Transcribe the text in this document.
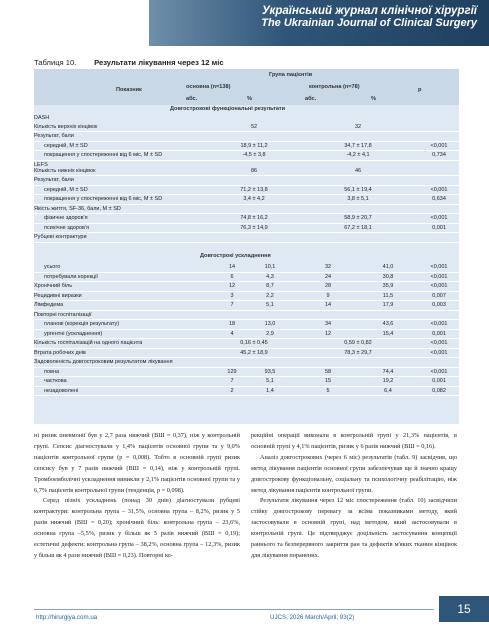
Український журнал клінічної хірургії
The Ukrainian Journal of Clinical Surgery
Таблиця 10. Результати лікування через 12 міс
Показник
Група пацієнтів
основна (n=138)	контрольна (n=78)	p
абс.	%	абс.	%
Довгострокові функціональні результати
Довгострокі ускладнення
DASH
Кількість верхніх кінцівок	52	32
Результат, бали
середній, M ± SD	18,9 ± 11,2	34,7 ± 17,8	<0,001
покращення у спостереженні від 6 міс, M ± SD	-4,5 ± 3,8	-4,2 ± 4,1	0,734
LEFS
Кількість нижніх кінцівок	86	46
Результат, бали
середній, M ± SD	71,2 ± 13,8	56,1 ± 19,4	<0,001
покращення у спостереженні від 6 міс, M ± SD	3,4 ± 4,2	3,8 ± 5,1	0,634
Якість життя, SF-36, бали, M ± SD
фізичне здоров'я	74,8 ± 16,2	58,9 ± 20,7	<0,001
психічне здоров'я	76,3 ± 14,9	67,2 ± 18,1	0,001
Рубцеві контрактури
усього	14	10,1	32	41,0	<0,001
потребували корекції	6	4,3	24	30,8	<0,001
Хронічний біль	12	8,7	28	35,9	<0,001
Рецидивні виразки	3	2,2	9	11,5	0,007
Лімфедема	7	5,1	14	17,9	0,003
Повторні госпіталізації
планові (корекція результату)	18	13,0	34	43,6	<0,001
ургентні (ускладнення)	4	2,9	12	15,4	0,001
Кількість госпіталізацій на одного пацієнта	0,16 ± 0,45	0,59 ± 0,82	<0,001
Втрата робочих днів	45,2 ± 18,9	78,3 ± 29,7	<0,001
Задоволеність довгостроковим результатом лікування
повна	129	93,5	58	74,4	<0,001
часткова	7	5,1	15	19,2	0,001
незадоволені	2	1,4	5	6,4	0,082

ні ризик пневмонії був у 2,7 раза нижчий (ВШ = 0,37), ніж у контрольній групі. Сепсис діагностували у 1,4% пацієнтів основної групи та у 9,0% пацієнтів контрольної групи (p = 0,008). Тобто в основній групі ризик сепсису був у 7 разів нижчий (ВШ = 0,14), ніж у контрольній групі. Тромбоемболічні ускладнення виникли у 2,1% пацієнтів основної групи та у 6,7% пацієнтів контрольної групи (тенденція, p = 0,098).

Серед пізніх ускладнень (понад 30 днів) діагностували рубцеві контрактури: контрольна група – 31,5%, основна група – 8,2%, ризик у 5 разів нижчий (ВШ = 0,20); хронічний біль: контрольна група – 23,6%, основна група –5,5%, ризик у більш як 5 разів нижчий (ВШ = 0,19); естетичні дефекти: контрольна група – 38,2%, основна група – 12,3%, ризик у більш як 4 рази нижчий (ВШ = 0,23). Повторні ко-

рекційні операції виконали в контрольній групі у 21,3% пацієнтів, в основній групі у 4,1% пацієнтів, ризик у 6 разів нижчий (ВШ = 0,16).

Аналіз довгострокових (через 6 міс) результатів (табл. 9) засвідчив, що метод лікування пацієнтів основної групи забезпечував ще й значно кращу довгострокову функціональну, соціальну та психологічну реабілітацію, ніж метод лікування пацієнтів контрольної групи.

Результати лікування через 12 міс спостереження (табл. 10) засвідчили стійку довгострокову перевагу за всіма показниками методу, який застосовували в основній групі, над методом, який застосовували в контрольній групі. Це підтверджує доцільність застосування концепції раннього та безперервного закриття ран та дефектів м'яких тканин кінцівок для лікування поранених.

http://hirurgiya.com.ua	UJCS, 2026 March/April; 93(2)
15
